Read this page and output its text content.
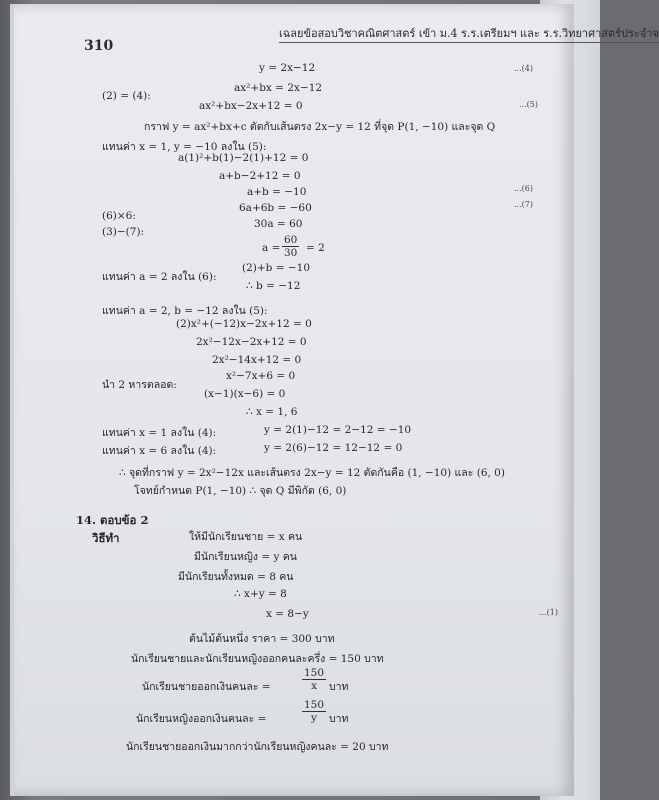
310
เฉลยข้อสอบวิชาคณิตศาสตร์ เข้า ม.4 ร.ร.เตรียมฯ และ ร.ร.วิทยาศาสตร์ประจำจ
y = 2x−12	...(4)
(2) = (4):
ax²+bx = 2x−12
ax²+bx−2x+12 = 0	...(5)
กราฟ y = ax²+bx+c ตัดกับเส้นตรง 2x−y = 12 ที่จุด P(1, −10) และจุด Q
แทนค่า x = 1, y = −10 ลงใน (5):
a(1)²+b(1)−2(1)+12 = 0
a+b−2+12 = 0
a+b = −10	...(6)
(6)×6:
6a+6b = −60	...(7)
(3)−(7):
30a = 60
$a = \frac{60}{30} = 2$
แทนค่า a = 2 ลงใน (6):
(2)+b = −10
∴ b = −12
แทนค่า a = 2, b = −12 ลงใน (5):
(2)x²+(−12)x−2x+12 = 0
2x²−12x−2x+12 = 0
2x²−14x+12 = 0
นำ 2 หารตลอด:
x²−7x+6 = 0
(x−1)(x−6) = 0
∴ x = 1, 6
แทนค่า x = 1 ลงใน (4):	y = 2(1)−12 = 2−12 = −10
แทนค่า x = 6 ลงใน (4):	y = 2(6)−12 = 12−12 = 0
∴ จุดที่กราฟ y = 2x²−12x และเส้นตรง 2x−y = 12 ตัดกันคือ (1, −10) และ (6, 0)
โจทย์กำหนด P(1, −10) ∴ จุด Q มีพิกัด (6, 0)
14. ตอบข้อ 2
วิธีทำ	ให้มีนักเรียนชาย = x คน
มีนักเรียนหญิง = y คน
มีนักเรียนทั้งหมด = 8 คน
∴ x+y = 8
x = 8−y	...(1)
ต้นไม้ต้นหนึ่ง ราคา = 300 บาท
นักเรียนชายและนักเรียนหญิงออกคนละครึ่ง = 150 บาท
นักเรียนชายออกเงินคนละ =	$\frac{150}{x}$ บาท
นักเรียนหญิงออกเงินคนละ =	$\frac{150}{y}$ บาท
นักเรียนชายออกเงินมากกว่านักเรียนหญิงคนละ = 20 บาท
